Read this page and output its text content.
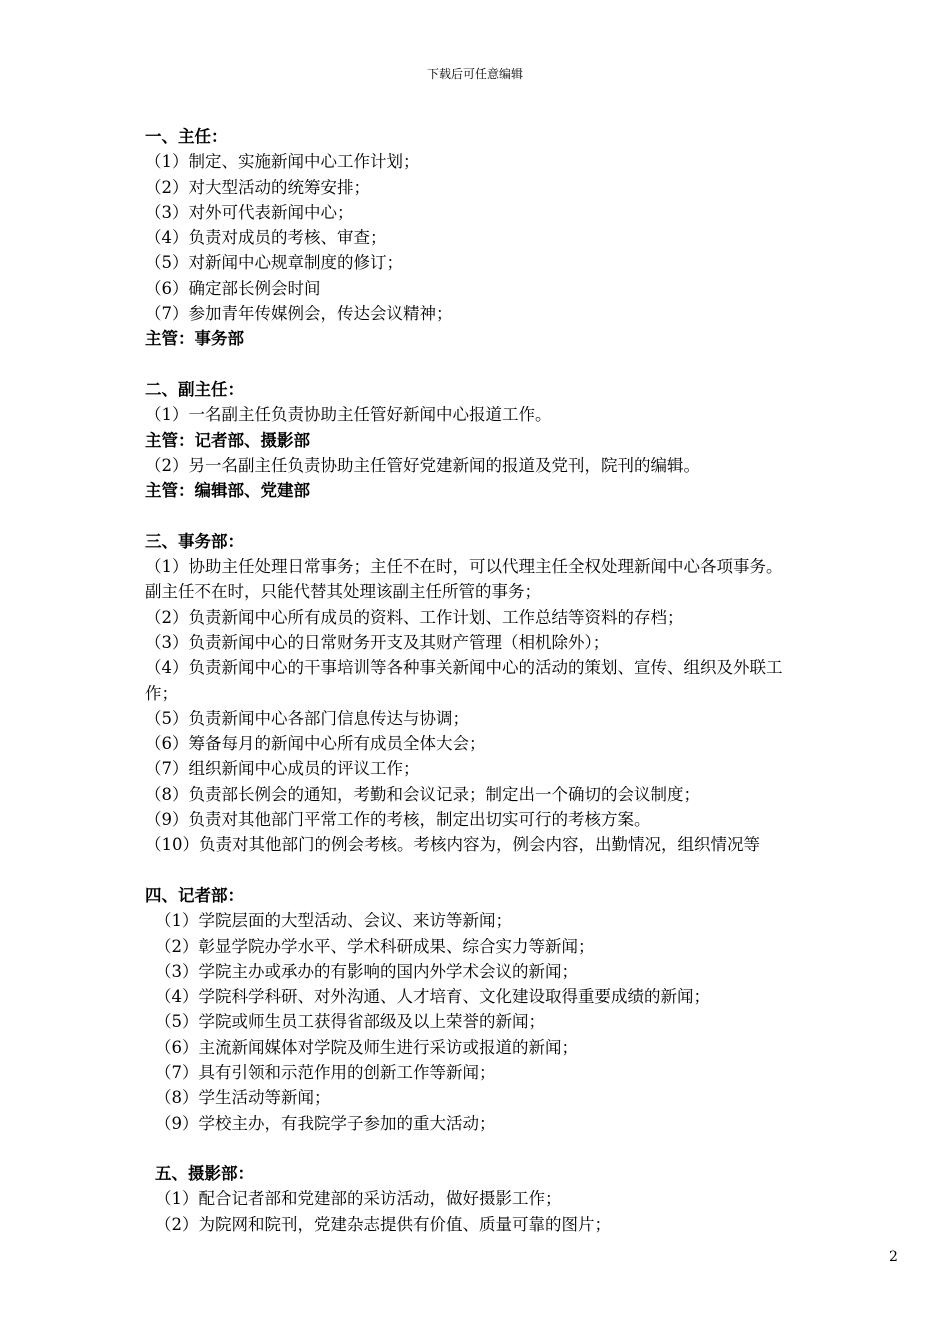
下载后可任意编辑
一、主任：
（1）制定、实施新闻中心工作计划；
（2）对大型活动的统筹安排；
（3）对外可代表新闻中心；
（4）负责对成员的考核、审查；
（5）对新闻中心规章制度的修订；
（6）确定部长例会时间
（7）参加青年传媒例会，传达会议精神；
主管：事务部
二、副主任：
（1）一名副主任负责协助主任管好新闻中心报道工作。
主管：记者部、摄影部
（2）另一名副主任负责协助主任管好党建新闻的报道及党刊，院刊的编辑。
主管：编辑部、党建部
三、事务部：
（1）协助主任处理日常事务；主任不在时，可以代理主任全权处理新闻中心各项事务。
副主任不在时，只能代替其处理该副主任所管的事务；
（2）负责新闻中心所有成员的资料、工作计划、工作总结等资料的存档；
（3）负责新闻中心的日常财务开支及其财产管理（相机除外）；
（4）负责新闻中心的干事培训等各种事关新闻中心的活动的策划、宣传、组织及外联工
作；
（5）负责新闻中心各部门信息传达与协调；
（6）筹备每月的新闻中心所有成员全体大会；
（7）组织新闻中心成员的评议工作；
（8）负责部长例会的通知，考勤和会议记录；制定出一个确切的会议制度；
（9）负责对其他部门平常工作的考核，制定出切实可行的考核方案。
（10）负责对其他部门的例会考核。考核内容为，例会内容，出勤情况，组织情况等
四、记者部：
（1）学院层面的大型活动、会议、来访等新闻；
（2）彰显学院办学水平、学术科研成果、综合实力等新闻；
（3）学院主办或承办的有影响的国内外学术会议的新闻；
（4）学院科学科研、对外沟通、人才培育、文化建设取得重要成绩的新闻；
（5）学院或师生员工获得省部级及以上荣誉的新闻；
（6）主流新闻媒体对学院及师生进行采访或报道的新闻；
（7）具有引领和示范作用的创新工作等新闻；
（8）学生活动等新闻；
（9）学校主办，有我院学子参加的重大活动；
五、摄影部：
（1）配合记者部和党建部的采访活动，做好摄影工作；
（2）为院网和院刊，党建杂志提供有价值、质量可靠的图片；
2
